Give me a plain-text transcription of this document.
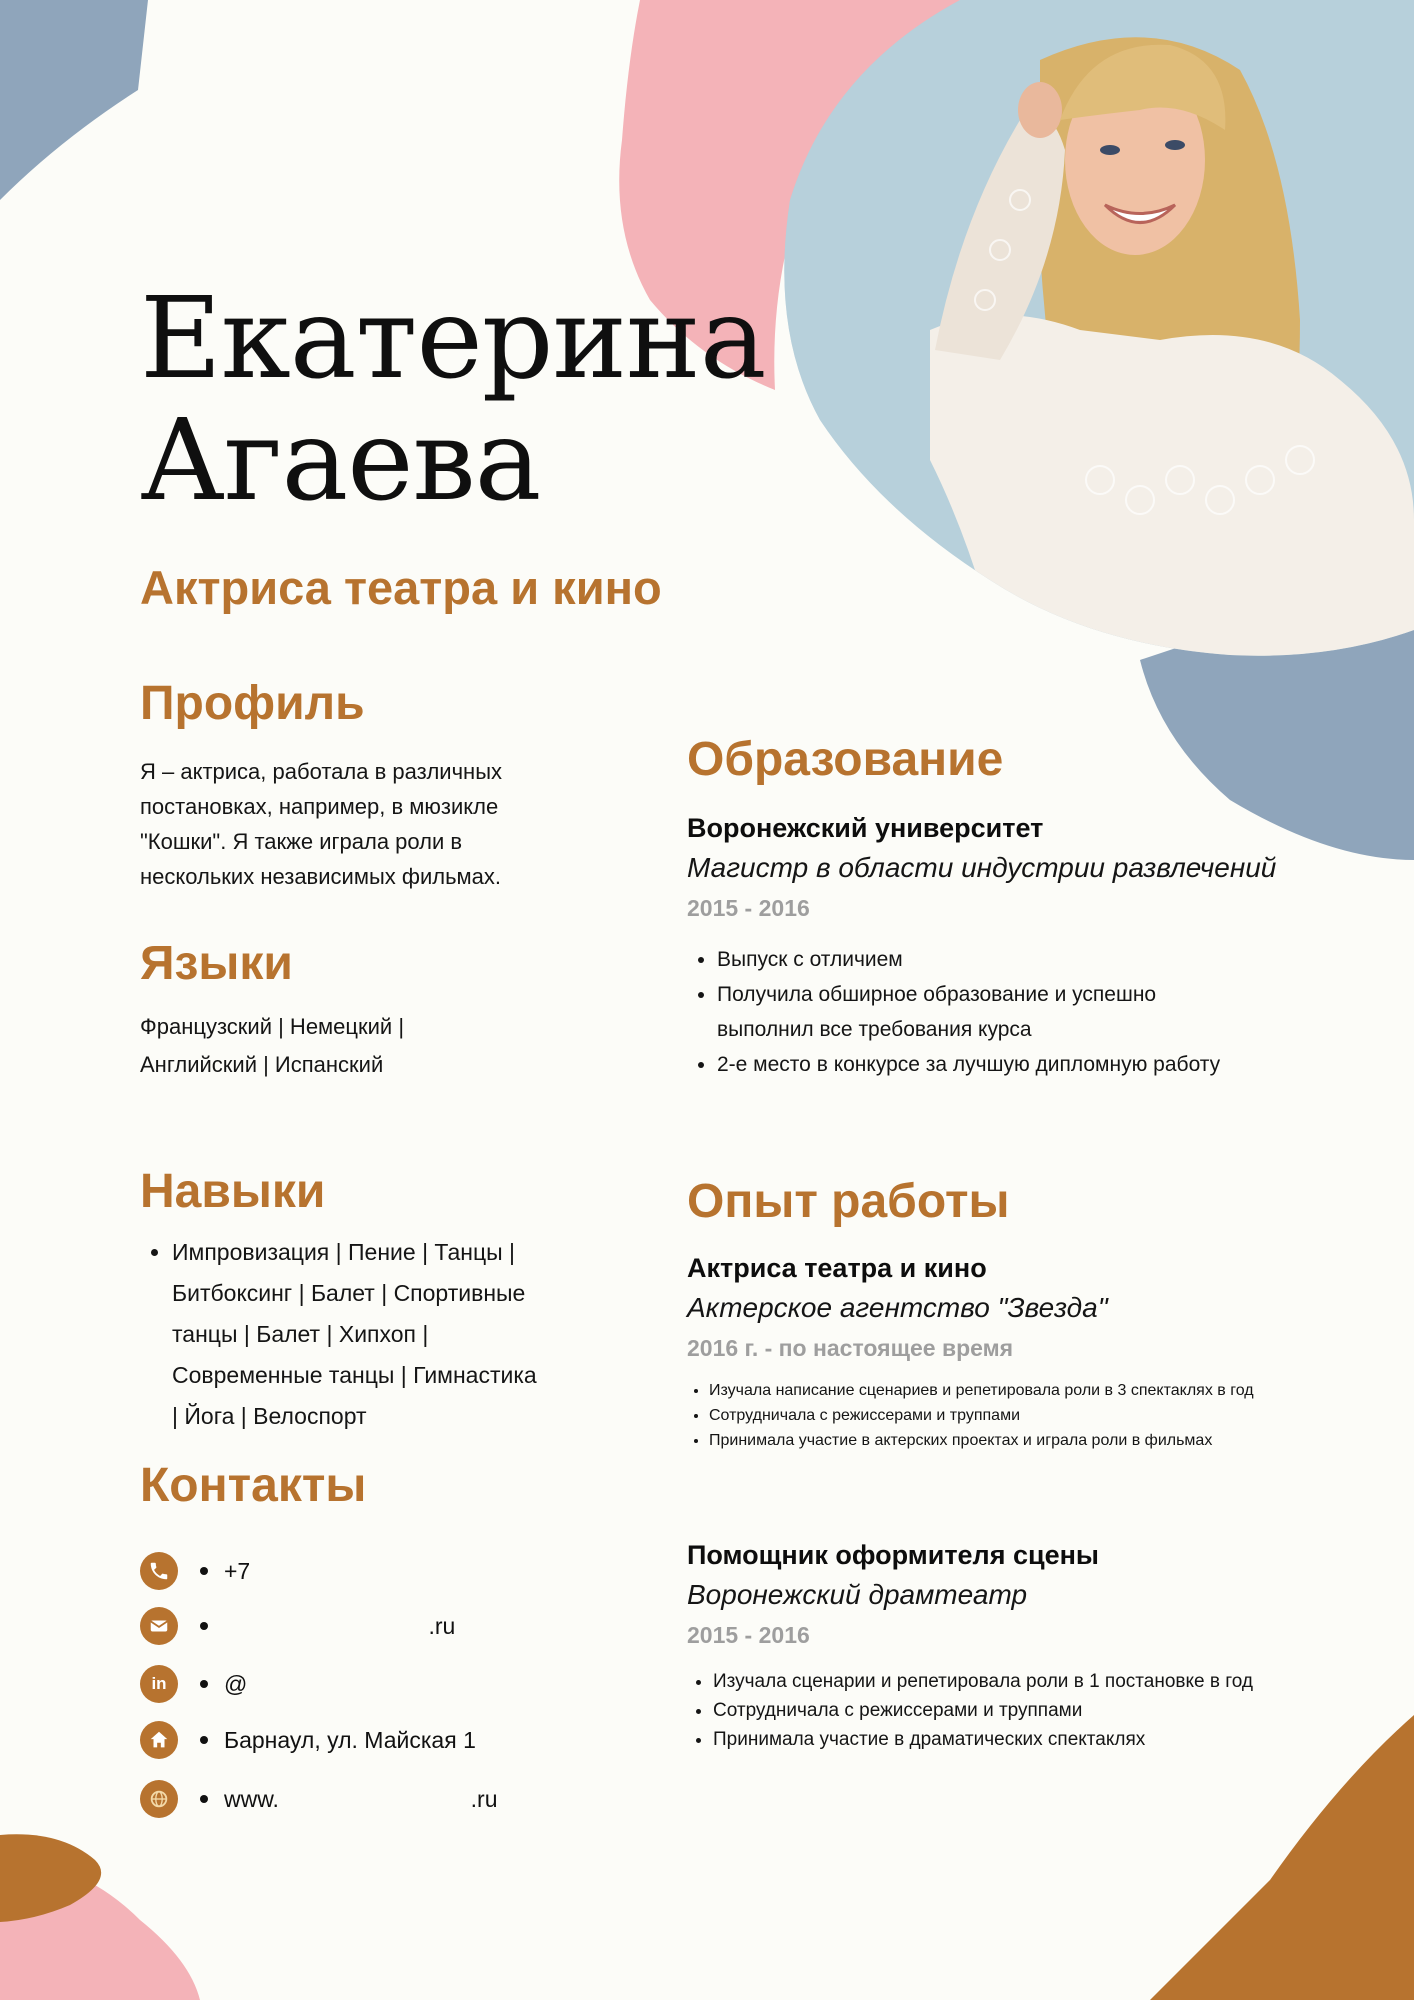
Екатерина
Агаева
Актриса театра и кино
Профиль

Я – актриса, работала в различных

постановках, например, в мюзикле

"Кошки". Я также играла роли в

нескольких независимых фильмах.

Языки

Французский | Немецкий |

Английский | Испанский

Навыки
• Импровизация | Пение | Танцы |
Битбоксинг | Балет | Спортивные
танцы | Балет | Хипхоп |
Современные танцы | Гимнастика
| Йога | Велоспорт
Контакты
+7
.ru
in	@
Барнаул, ул. Майская 1
www.                              .ru
Образование

Воронежский университет

Магистр в области индустрии развлечений

2015 - 2016

• Выпуск с отличием
• Получила обширное образование и успешно
выполнил все требования курса
• 2-е место в конкурсе за лучшую дипломную работу
Опыт работы

Актриса театра и кино

Актерское агентство "Звезда"

2016 г. - по настоящее время

• Изучала написание сценариев и репетировала роли в 3 спектаклях в год
• Сотрудничала с режиссерами и труппами
• Принимала участие в актерских проектах и играла роли в фильмах

Помощник оформителя сцены

Воронежский драмтеатр

2015 - 2016

• Изучала сценарии и репетировала роли в 1 постановке в год
• Сотрудничала с режиссерами и труппами
• Принимала участие в драматических спектаклях
